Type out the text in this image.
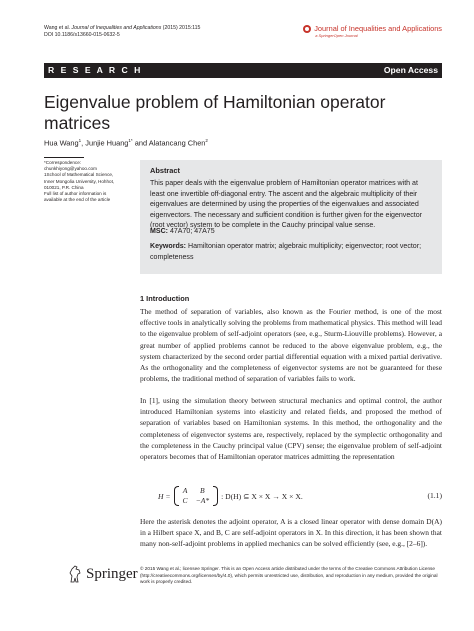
Wang et al. Journal of Inequalities and Applications (2015) 2015:115
DOI 10.1186/s13660-015-0632-5
Journal of Inequalities and Applications
a SpringerOpen Journal
R E S E A R C H	Open Access
Eigenvalue problem of Hamiltonian operator matrices
Hua Wang$^1$, Junjie Huang$^{1*}$ and Alatancang Chen$^2$
*Correspondence:
chunkhiyong@yahoo.com
1School of Mathematical Science,
Inner Mongolia University, Hohhot,
010021, P.R. China
Full list of author information is
available at the end of the article
Abstract
This paper deals with the eigenvalue problem of Hamiltonian operator matrices with at least one invertible off-diagonal entry. The ascent and the algebraic multiplicity of their eigenvalues are determined by using the properties of the eigenvalues and associated eigenvectors. The necessary and sufficient condition is further given for the eigenvector (root vector) system to be complete in the Cauchy principal value sense.
MSC: 47A70; 47A75
Keywords: Hamiltonian operator matrix; algebraic multiplicity; eigenvector; root vector; completeness
1 Introduction
The method of separation of variables, also known as the Fourier method, is one of the most effective tools in analytically solving the problems from mathematical physics. This method will lead to the eigenvalue problem of self-adjoint operators (see, e.g., Sturm-Liouville problems). However, a great number of applied problems cannot be reduced to the above eigenvalue problem, e.g., the system characterized by the second order partial differential equation with a mixed partial derivative. As the orthogonality and the completeness of eigenvector systems are not be guaranteed for these problems, the traditional method of separation of variables fails to work.
In [1], using the simulation theory between structural mechanics and optimal control, the author introduced Hamiltonian systems into elasticity and related fields, and proposed the method of separation of variables based on Hamiltonian systems. In this method, the orthogonality and the completeness of eigenvector systems are, respectively, replaced by the symplectic orthogonality and the completeness in the Cauchy principal value (CPV) sense; the eigenvalue problem of self-adjoint operators becomes that of Hamiltonian operator matrices admitting the representation
H =
A	B
C	−A* : D(H) ⊆ X × X → X × X.	(1.1)
Here the asterisk denotes the adjoint operator, A is a closed linear operator with dense domain D(A) in a Hilbert space X, and B, C are self-adjoint operators in X. In this direction, it has been shown that many non-self-adjoint problems in applied mechanics can be solved efficiently (see, e.g., [2–6]).
Springer © 2015 Wang et al.; licensee Springer. This is an Open Access article distributed under the terms of the Creative Commons Attribution License (http://creativecommons.org/licenses/by/4.0), which permits unrestricted use, distribution, and reproduction in any medium, provided the original work is properly credited.
